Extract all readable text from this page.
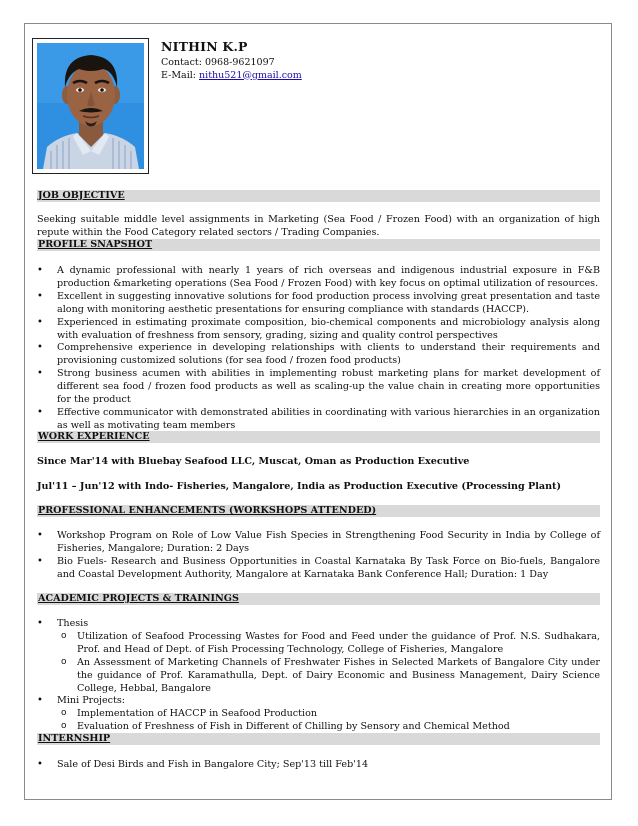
NITHIN K.P
Contact: 0968-9621097
E-Mail: nithu521@gmail.com
JOB OBJECTIVE

Seeking suitable middle level assignments in Marketing (Sea Food / Frozen Food) with an organization of high repute within the Food Category related sectors / Trading Companies.

PROFILE SNAPSHOT
• A dynamic professional with nearly 1 years of rich overseas and indigenous industrial exposure in F&B production &marketing operations (Sea Food / Frozen Food) with key focus on optimal utilization of resources.
• Excellent in suggesting innovative solutions for food production process involving great presentation and taste along with monitoring aesthetic presentations for ensuring compliance with standards (HACCP).
• Experienced in estimating proximate composition, bio-chemical components and microbiology analysis along with evaluation of freshness from sensory, grading, sizing and quality control perspectives
• Comprehensive experience in developing relationships with clients to understand their requirements and provisioning customized solutions (for sea food / frozen food products)
• Strong business acumen with abilities in implementing robust marketing plans for market development of different sea food / frozen food products as well as scaling-up the value chain in creating more opportunities for the product
• Effective communicator with demonstrated abilities in coordinating with various hierarchies in an organization as well as motivating team members
WORK EXPERIENCE
Since Mar'14 with Bluebay Seafood LLC, Muscat, Oman as Production Executive
Jul'11 – Jun'12 with Indo- Fisheries, Mangalore, India as Production Executive (Processing Plant)
PROFESSIONAL ENHANCEMENTS (WORKSHOPS ATTENDED)
• Workshop Program on Role of Low Value Fish Species in Strengthening Food Security in India by College of Fisheries, Mangalore; Duration: 2 Days
• Bio Fuels- Research and Business Opportunities in Coastal Karnataka By Task Force on Bio-fuels, Bangalore and Coastal Development Authority, Mangalore at Karnataka Bank Conference Hall; Duration: 1 Day
ACADEMIC PROJECTS & TRAININGS
• Thesis
o Utilization of Seafood Processing Wastes for Food and Feed under the guidance of Prof. N.S. Sudhakara, Prof. and Head of Dept. of Fish Processing Technology, College of Fisheries, Mangalore
o An Assessment of Marketing Channels of Freshwater Fishes in Selected Markets of Bangalore City under the guidance of Prof. Karamathulla, Dept. of Dairy Economic and Business Management, Dairy Science College, Hebbal, Bangalore
• Mini Projects:
o Implementation of HACCP in Seafood Production
o Evaluation of Freshness of Fish in Different of Chilling by Sensory and Chemical Method
INTERNSHIP
• Sale of Desi Birds and Fish in Bangalore City; Sep'13 till Feb'14
